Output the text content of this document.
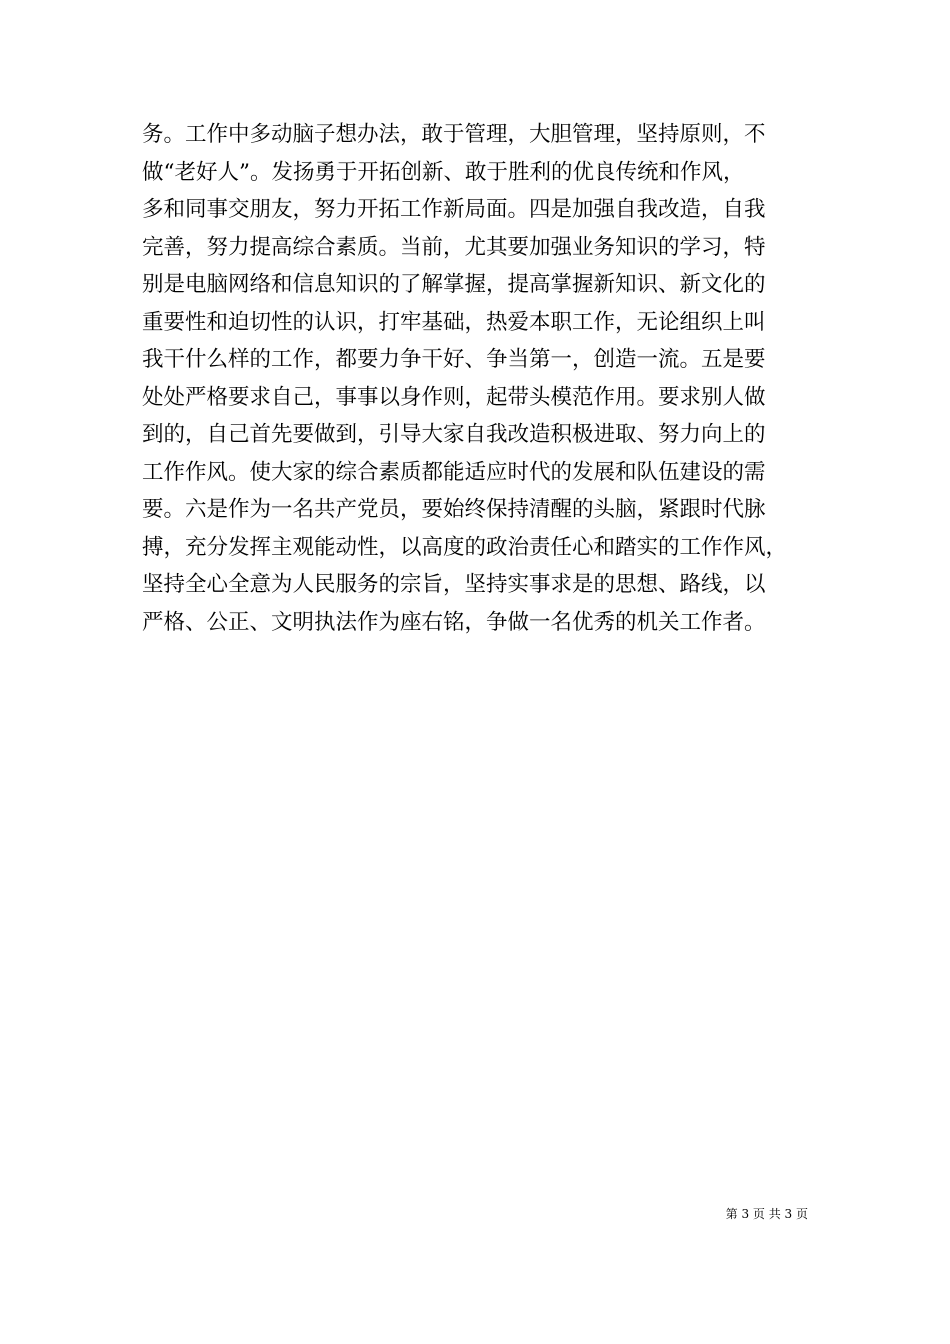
务。工作中多动脑子想办法，敢于管理，大胆管理，坚持原则，不
做“老好人”。发扬勇于开拓创新、敢于胜利的优良传统和作风，
多和同事交朋友，努力开拓工作新局面。四是加强自我改造，自我
完善，努力提高综合素质。当前，尤其要加强业务知识的学习，特
别是电脑网络和信息知识的了解掌握，提高掌握新知识、新文化的
重要性和迫切性的认识，打牢基础，热爱本职工作，无论组织上叫
我干什么样的工作，都要力争干好、争当第一，创造一流。五是要
处处严格要求自己，事事以身作则，起带头模范作用。要求别人做
到的，自己首先要做到，引导大家自我改造积极进取、努力向上的
工作作风。使大家的综合素质都能适应时代的发展和队伍建设的需
要。六是作为一名共产党员，要始终保持清醒的头脑，紧跟时代脉
搏，充分发挥主观能动性，以高度的政治责任心和踏实的工作作风，
坚持全心全意为人民服务的宗旨，坚持实事求是的思想、路线，以
严格、公正、文明执法作为座右铭，争做一名优秀的机关工作者。
第 3 页 共 3 页
